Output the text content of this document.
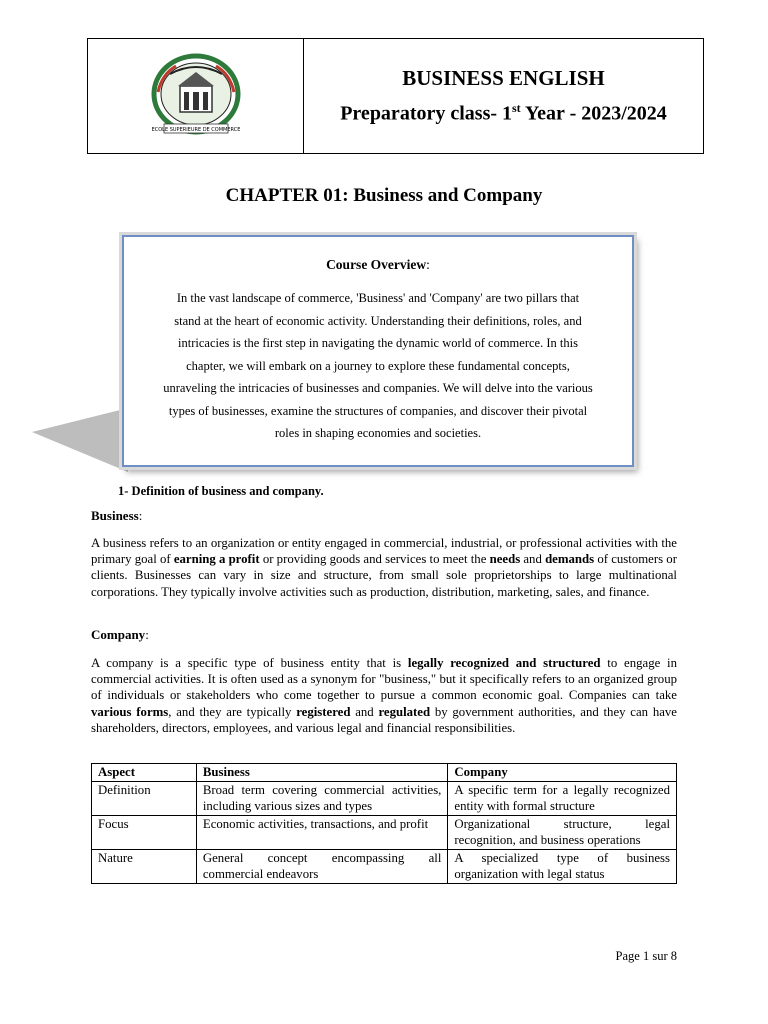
ECOLE SUPERIEURE DE COMMERCE
BUSINESS ENGLISH
Preparatory class- 1st Year - 2023/2024
CHAPTER 01: Business and Company
Course Overview:
In the vast landscape of commerce, 'Business' and 'Company' are two pillars that
stand at the heart of economic activity. Understanding their definitions, roles, and
intricacies is the first step in navigating the dynamic world of commerce. In this
chapter, we will embark on a journey to explore these fundamental concepts,
unraveling the intricacies of businesses and companies. We will delve into the various
types of businesses, examine the structures of companies, and discover their pivotal
roles in shaping economies and societies.
1- Definition of business and company.
Business:
A business refers to an organization or entity engaged in commercial, industrial, or professional activities with the primary goal of earning a profit or providing goods and services to meet the needs and demands of customers or clients. Businesses can vary in size and structure, from small sole proprietorships to large multinational corporations. They typically involve activities such as production, distribution, marketing, sales, and finance.
Company:
A company is a specific type of business entity that is legally recognized and structured to engage in commercial activities. It is often used as a synonym for "business," but it specifically refers to an organized group of individuals or stakeholders who come together to pursue a common economic goal. Companies can take various forms, and they are typically registered and regulated by government authorities, and they can have shareholders, directors, employees, and various legal and financial responsibilities.
Aspect	Business	Company
Definition	Broad term covering commercial activities, including various sizes and types	A specific term for a legally recognized entity with formal structure
Focus	Economic activities, transactions, and profit	Organizational structure, legal recognition, and business operations
Nature	General concept encompassing all commercial endeavors	A specialized type of business organization with legal status
Page 1 sur 8
